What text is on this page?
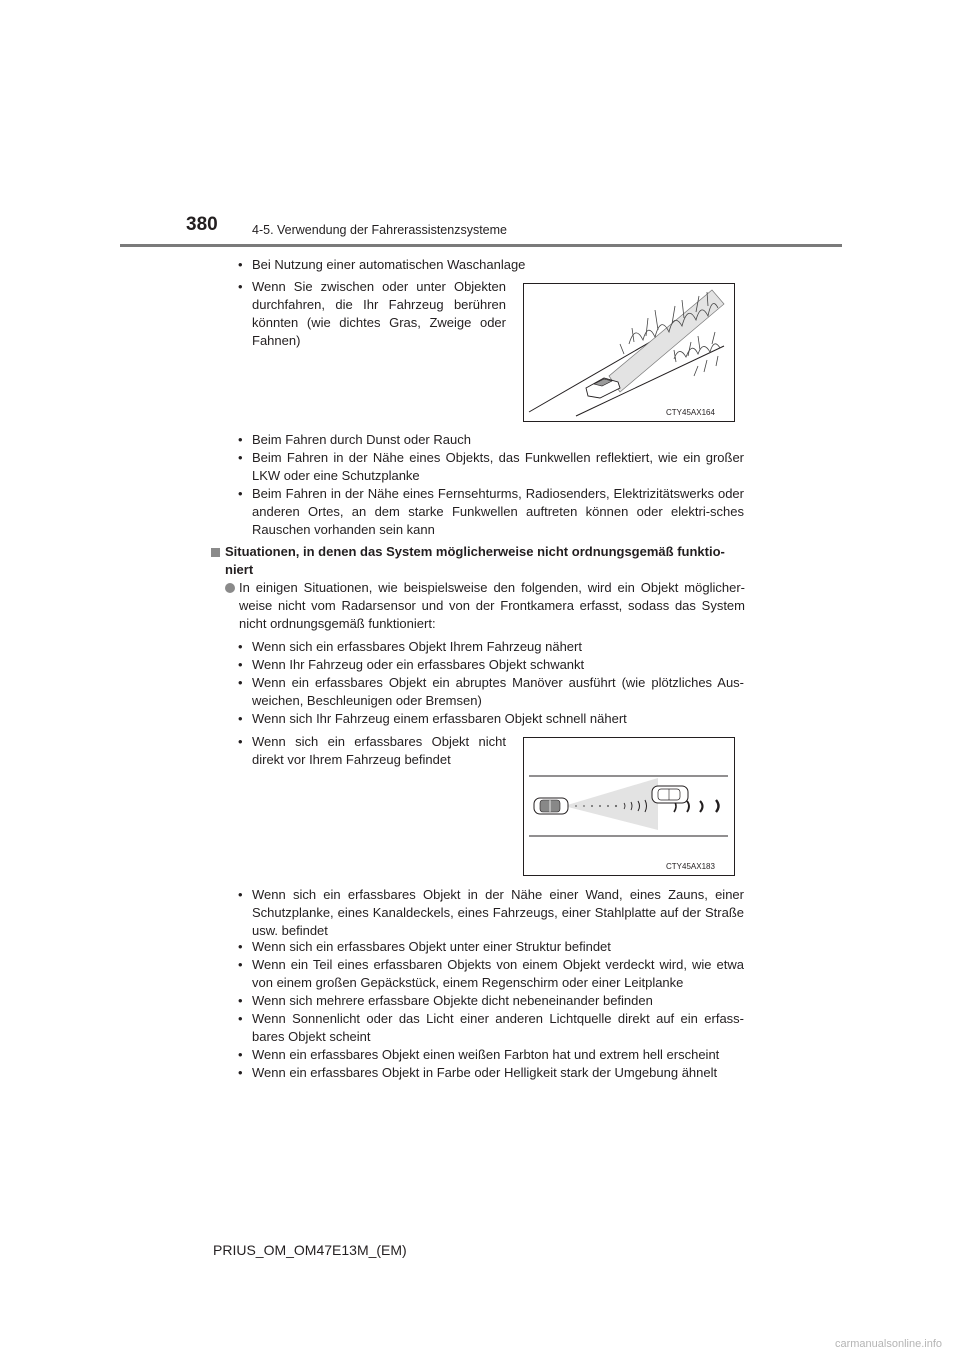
380	4-5. Verwendung der Fahrerassistenzsysteme
• Bei Nutzung einer automatischen Waschanlage
• Wenn Sie zwischen oder unter Objekten durchfahren, die Ihr Fahrzeug berühren könnten (wie dichtes Gras, Zweige oder Fahnen)
CTY45AX164
• Beim Fahren durch Dunst oder Rauch
• Beim Fahren in der Nähe eines Objekts, das Funkwellen reflektiert, wie ein großer LKW oder eine Schutzplanke
• Beim Fahren in der Nähe eines Fernsehturms, Radiosenders, Elektrizitätswerks oder anderen Ortes, an dem starke Funkwellen auftreten können oder elektri-sches Rauschen vorhanden sein kann
Situationen, in denen das System möglicherweise nicht ordnungsgemäß funktio-niert
In einigen Situationen, wie beispielsweise den folgenden, wird ein Objekt möglicher-weise nicht vom Radarsensor und von der Frontkamera erfasst, sodass das System nicht ordnungsgemäß funktioniert:
• Wenn sich ein erfassbares Objekt Ihrem Fahrzeug nähert
• Wenn Ihr Fahrzeug oder ein erfassbares Objekt schwankt
• Wenn ein erfassbares Objekt ein abruptes Manöver ausführt (wie plötzliches Aus-weichen, Beschleunigen oder Bremsen)
• Wenn sich Ihr Fahrzeug einem erfassbaren Objekt schnell nähert
• Wenn sich ein erfassbares Objekt nicht direkt vor Ihrem Fahrzeug befindet
CTY45AX183
• Wenn sich ein erfassbares Objekt in der Nähe einer Wand, eines Zauns, einer Schutzplanke, eines Kanaldeckels, eines Fahrzeugs, einer Stahlplatte auf der Straße usw. befindet
• Wenn sich ein erfassbares Objekt unter einer Struktur befindet
• Wenn ein Teil eines erfassbaren Objekts von einem Objekt verdeckt wird, wie etwa von einem großen Gepäckstück, einem Regenschirm oder einer Leitplanke
• Wenn sich mehrere erfassbare Objekte dicht nebeneinander befinden
• Wenn Sonnenlicht oder das Licht einer anderen Lichtquelle direkt auf ein erfass-bares Objekt scheint
• Wenn ein erfassbares Objekt einen weißen Farbton hat und extrem hell erscheint
• Wenn ein erfassbares Objekt in Farbe oder Helligkeit stark der Umgebung ähnelt
PRIUS_OM_OM47E13M_(EM)
carmanualsonline.info
